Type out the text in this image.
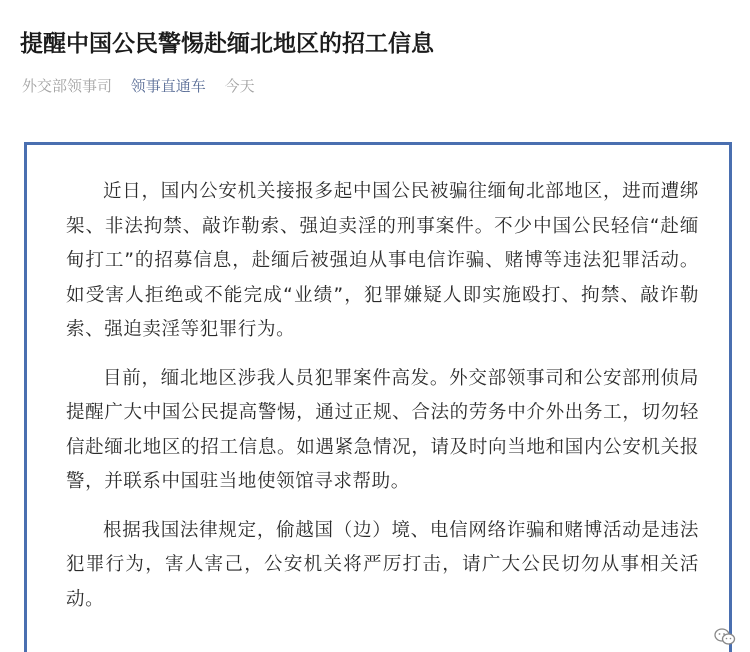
提醒中国公民警惕赴缅北地区的招工信息
外交部领事司 领事直通车 今天

近日，国内公安机关接报多起中国公民被骗往缅甸北部地区，进而遭绑架、非法拘禁、敲诈勒索、强迫卖淫的刑事案件。不少中国公民轻信“赴缅甸打工”的招募信息，赴缅后被强迫从事电信诈骗、赌博等违法犯罪活动。如受害人拒绝或不能完成“业绩”，犯罪嫌疑人即实施殴打、拘禁、敲诈勒索、强迫卖淫等犯罪行为。

目前，缅北地区涉我人员犯罪案件高发。外交部领事司和公安部刑侦局提醒广大中国公民提高警惕，通过正规、合法的劳务中介外出务工，切勿轻信赴缅北地区的招工信息。如遇紧急情况，请及时向当地和国内公安机关报警，并联系中国驻当地使领馆寻求帮助。

根据我国法律规定，偷越国（边）境、电信网络诈骗和赌博活动是违法犯罪行为，害人害己，公安机关将严厉打击，请广大公民切勿从事相关活动。
